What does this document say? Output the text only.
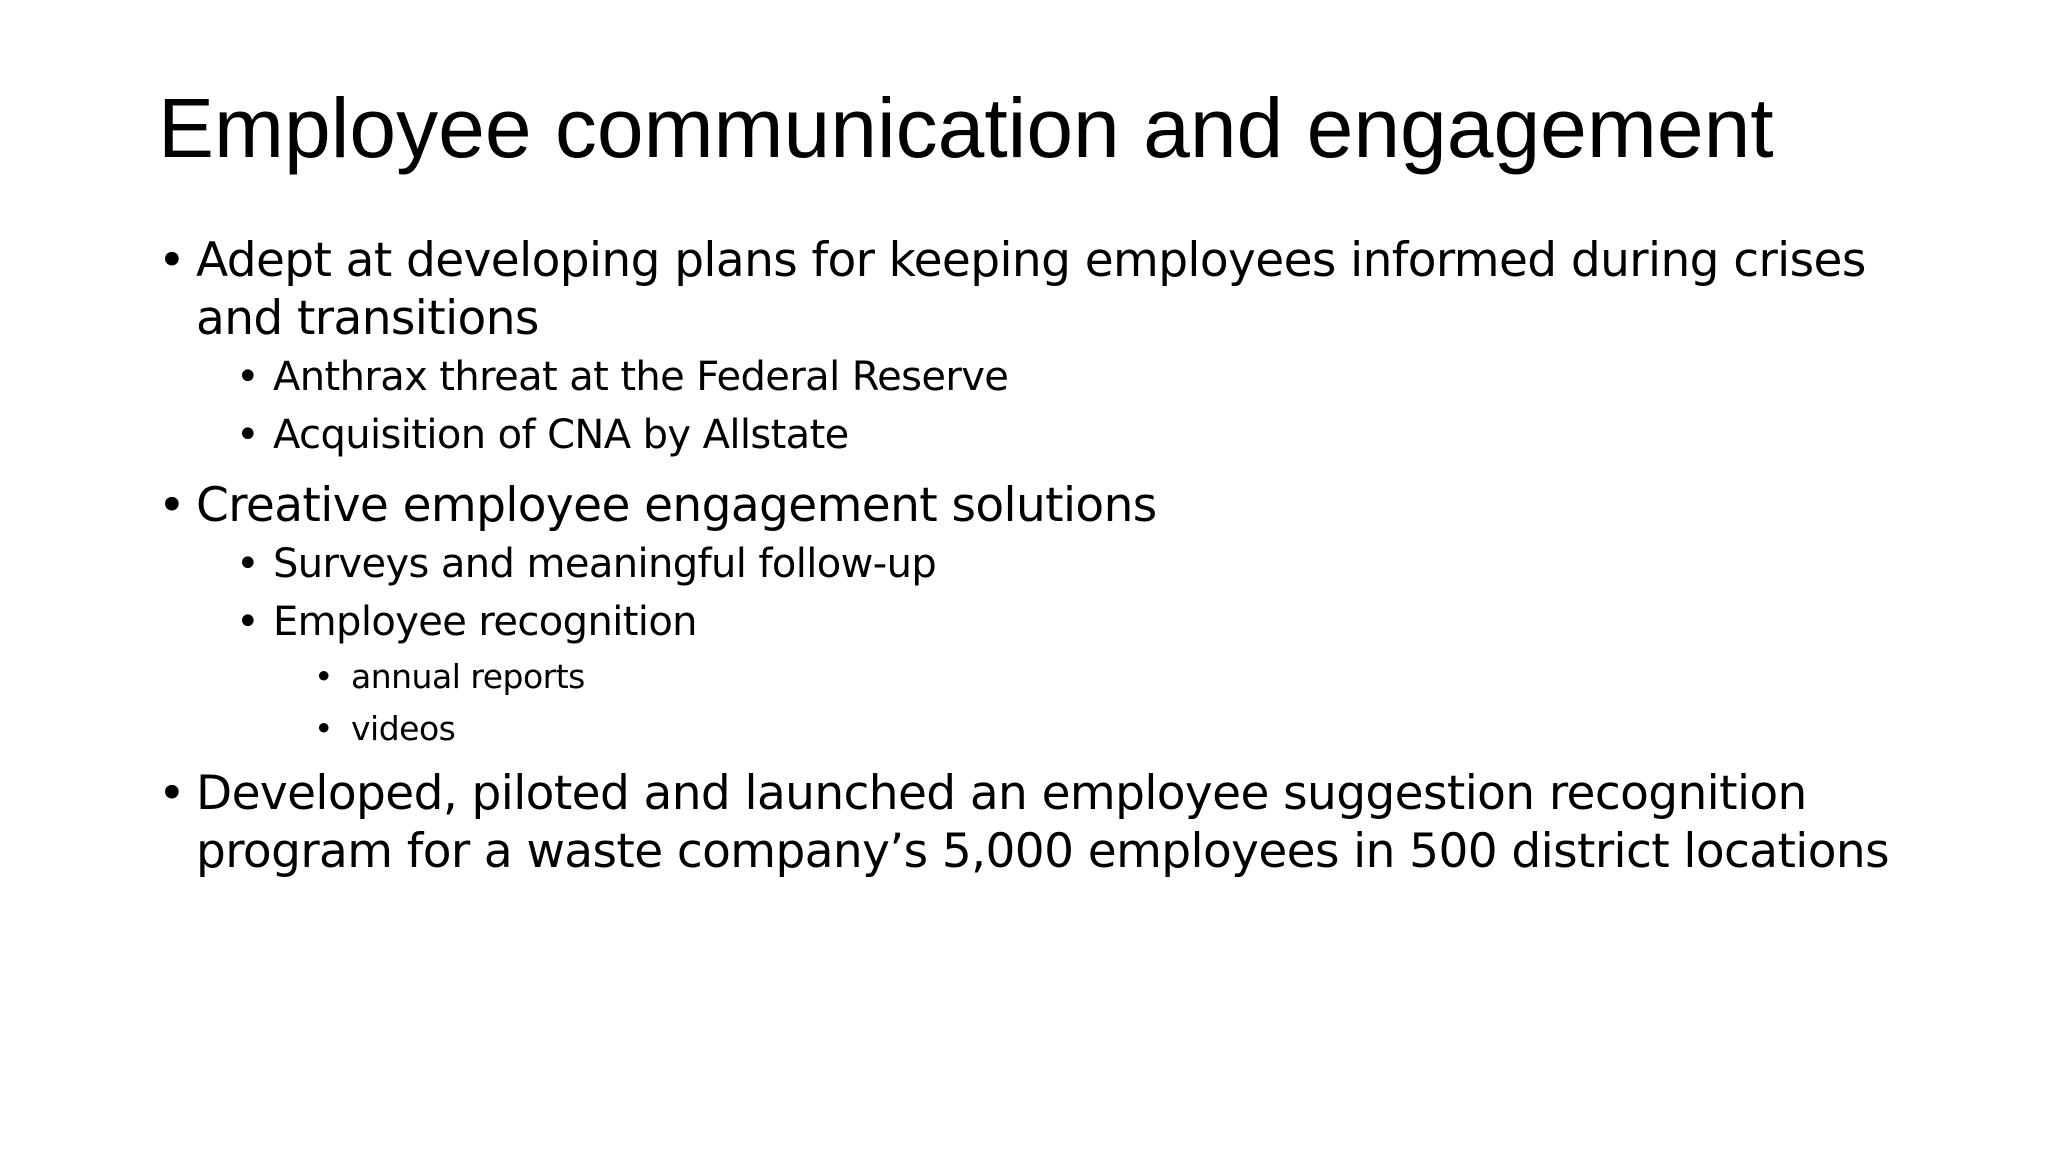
Employee communication and engagement
• Adept at developing plans for keeping employees informed during crises and transitions
• Anthrax threat at the Federal Reserve
• Acquisition of CNA by Allstate
• Creative employee engagement solutions
• Surveys and meaningful follow-up
• Employee recognition
• annual reports
• videos
• Developed, piloted and launched an employee suggestion recognition program for a waste company’s 5,000 employees in 500 district locations
